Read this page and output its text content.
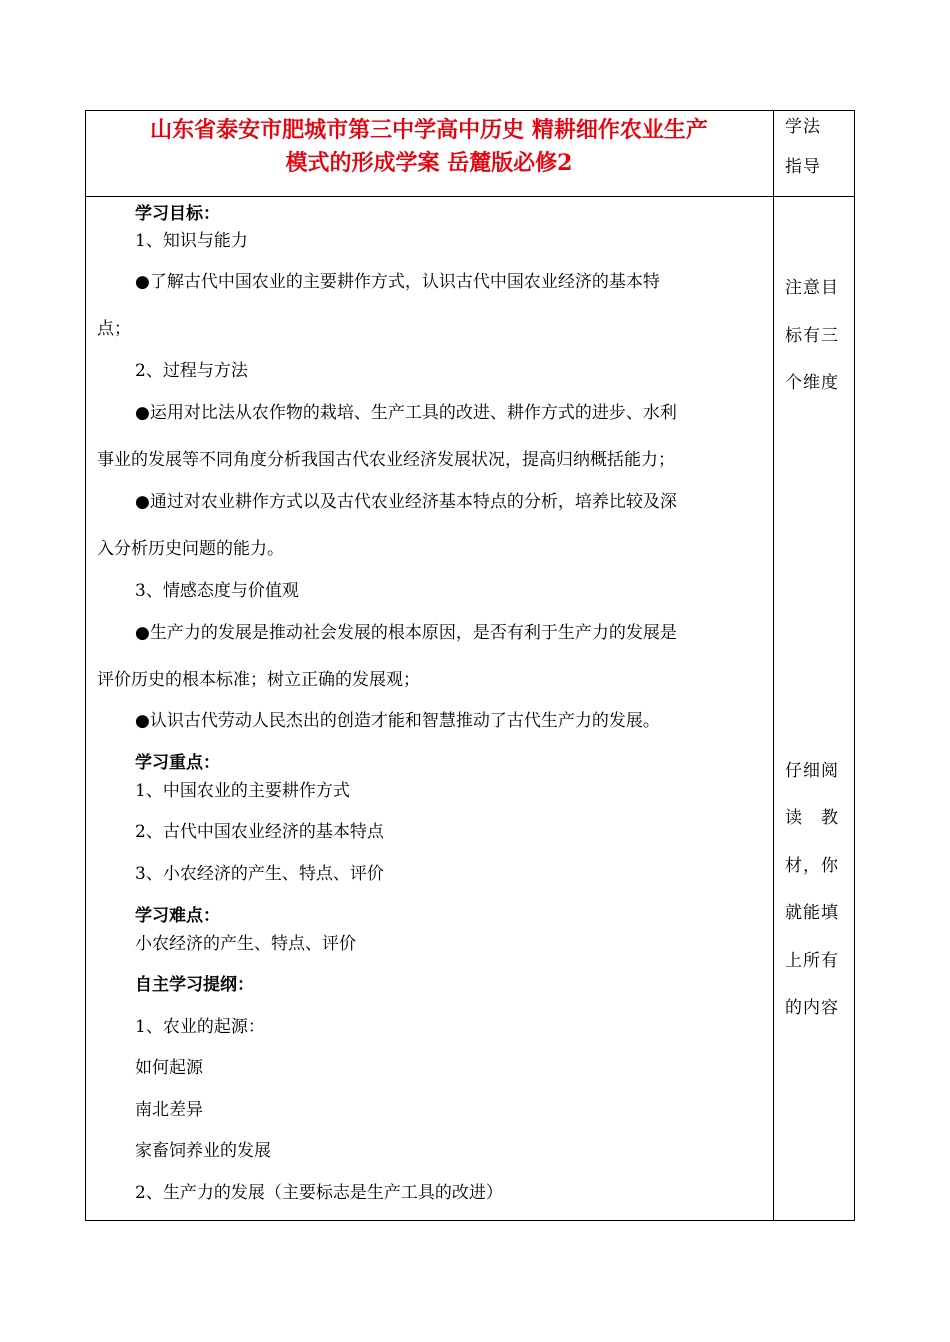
山东省泰安市肥城市第三中学高中历史 精耕细作农业生产
模式的形成学案 岳麓版必修2
学法
指导
学习目标：
1、知识与能力
●了解古代中国农业的主要耕作方式，认识古代中国农业经济的基本特
点；
2、过程与方法
●运用对比法从农作物的栽培、生产工具的改进、耕作方式的进步、水利
事业的发展等不同角度分析我国古代农业经济发展状况，提高归纳概括能力；
●通过对农业耕作方式以及古代农业经济基本特点的分析，培养比较及深
入分析历史问题的能力。
3、情感态度与价值观
●生产力的发展是推动社会发展的根本原因，是否有利于生产力的发展是
评价历史的根本标准；树立正确的发展观；
●认识古代劳动人民杰出的创造才能和智慧推动了古代生产力的发展。
学习重点：
1、中国农业的主要耕作方式
2、古代中国农业经济的基本特点
3、小农经济的产生、特点、评价
学习难点：
小农经济的产生、特点、评价
自主学习提纲：
1、农业的起源：
如何起源
南北差异
家畜饲养业的发展
2、生产力的发展（主要标志是生产工具的改进）
注意目
标有三
个维度
仔细阅
读　教
材，你
就能填
上所有
的内容
